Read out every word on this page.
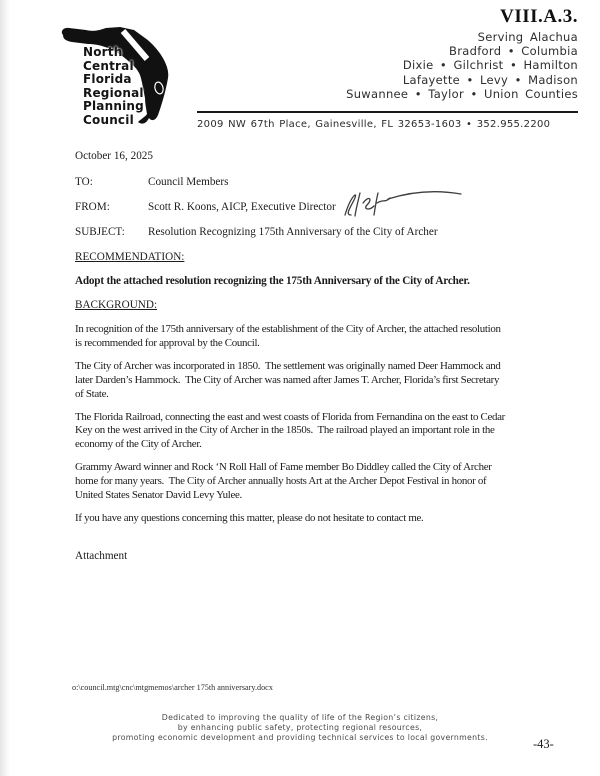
VIII.A.3.
Serving Alachua
Bradford • Columbia
Dixie • Gilchrist • Hamilton
Lafayette • Levy • Madison
Suwannee • Taylor • Union Counties
North
Central
Florida
Regional
Planning
Council	2009 NW 67th Place, Gainesville, FL 32653-1603 • 352.955.2200
October 16, 2025
TO:	Council Members
FROM:	Scott R. Koons, AICP, Executive Director
SUBJECT: Resolution Recognizing 175th Anniversary of the City of Archer
RECOMMENDATION:
Adopt the attached resolution recognizing the 175th Anniversary of the City of Archer.
BACKGROUND:
In recognition of the 175th anniversary of the establishment of the City of Archer, the attached resolution
is recommended for approval by the Council.
The City of Archer was incorporated in 1850.  The settlement was originally named Deer Hammock and
later Darden’s Hammock.  The City of Archer was named after James T. Archer, Florida’s first Secretary
of State.
The Florida Railroad, connecting the east and west coasts of Florida from Fernandina on the east to Cedar
Key on the west arrived in the City of Archer in the 1850s.  The railroad played an important role in the
economy of the City of Archer.
Grammy Award winner and Rock ‘N Roll Hall of Fame member Bo Diddley called the City of Archer
home for many years.  The City of Archer annually hosts Art at the Archer Depot Festival in honor of
United States Senator David Levy Yulee.
If you have any questions concerning this matter, please do not hesitate to contact me.
Attachment
o:\council.mtg\cnc\mtgmemos\archer 175th anniversary.docx
Dedicated to improving the quality of life of the Region’s citizens,
by enhancing public safety, protecting regional resources,
promoting economic development and providing technical services to local governments.	-43-
